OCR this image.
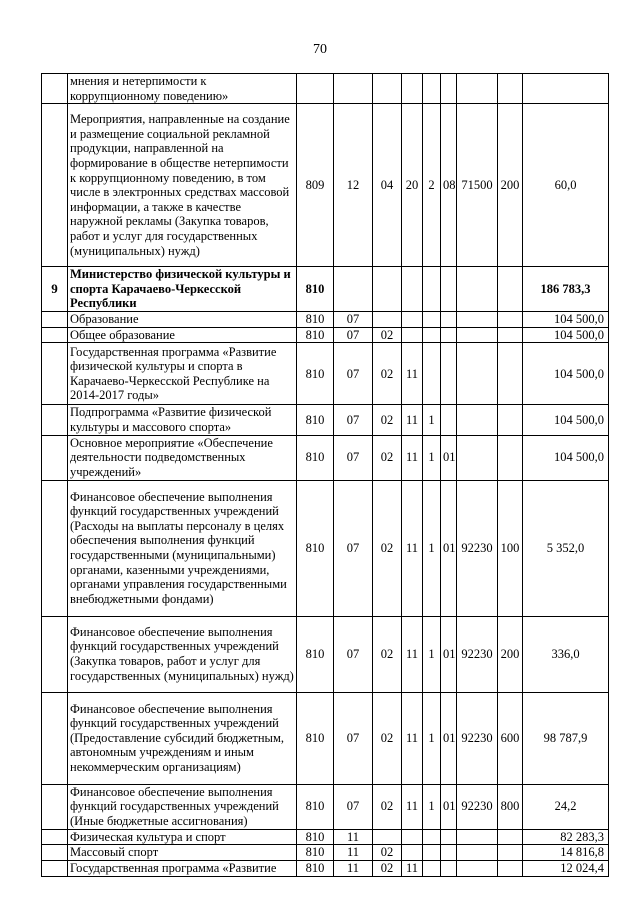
70
	мнения и нетерпимости к коррупционному поведению»									
	Мероприятия, направленные на создание и размещение социальной рекламной продукции, направленной на формирование в обществе нетерпимости к коррупционному поведению, в том числе в электронных средствах массовой информации, а также в качестве наружной рекламы (Закупка товаров, работ и услуг для государственных (муниципальных) нужд)	809	12	04	20	2	08	71500	200	60,0
9	Министерство физической культуры и спорта Карачаево-Черкесской Республики	810								186 783,3
	Образование	810	07							104 500,0
	Общее образование	810	07	02						104 500,0
	Государственная программа «Развитие физической культуры и спорта в Карачаево-Черкесской Республике на 2014-2017 годы»	810	07	02	11					104 500,0
	Подпрограмма «Развитие физической культуры и массового спорта»	810	07	02	11	1				104 500,0
	Основное мероприятие «Обеспечение деятельности подведомственных учреждений»	810	07	02	11	1	01			104 500,0
	Финансовое обеспечение выполнения функций государственных учреждений (Расходы на выплаты персоналу в целях обеспечения выполнения функций государственными (муниципальными) органами, казенными учреждениями, органами управления государственными внебюджетными фондами)	810	07	02	11	1	01	92230	100	5 352,0
	Финансовое обеспечение выполнения функций государственных учреждений (Закупка товаров, работ и услуг для государственных (муниципальных) нужд)	810	07	02	11	1	01	92230	200	336,0
	Финансовое обеспечение выполнения функций государственных учреждений (Предоставление субсидий бюджетным, автономным учреждениям и иным некоммерческим организациям)	810	07	02	11	1	01	92230	600	98 787,9
	Финансовое обеспечение выполнения функций государственных учреждений (Иные бюджетные ассигнования)	810	07	02	11	1	01	92230	800	24,2
	Физическая культура и спорт	810	11							82 283,3
	Массовый спорт	810	11	02						14 816,8
	Государственная программа «Развитие	810	11	02	11					12 024,4
